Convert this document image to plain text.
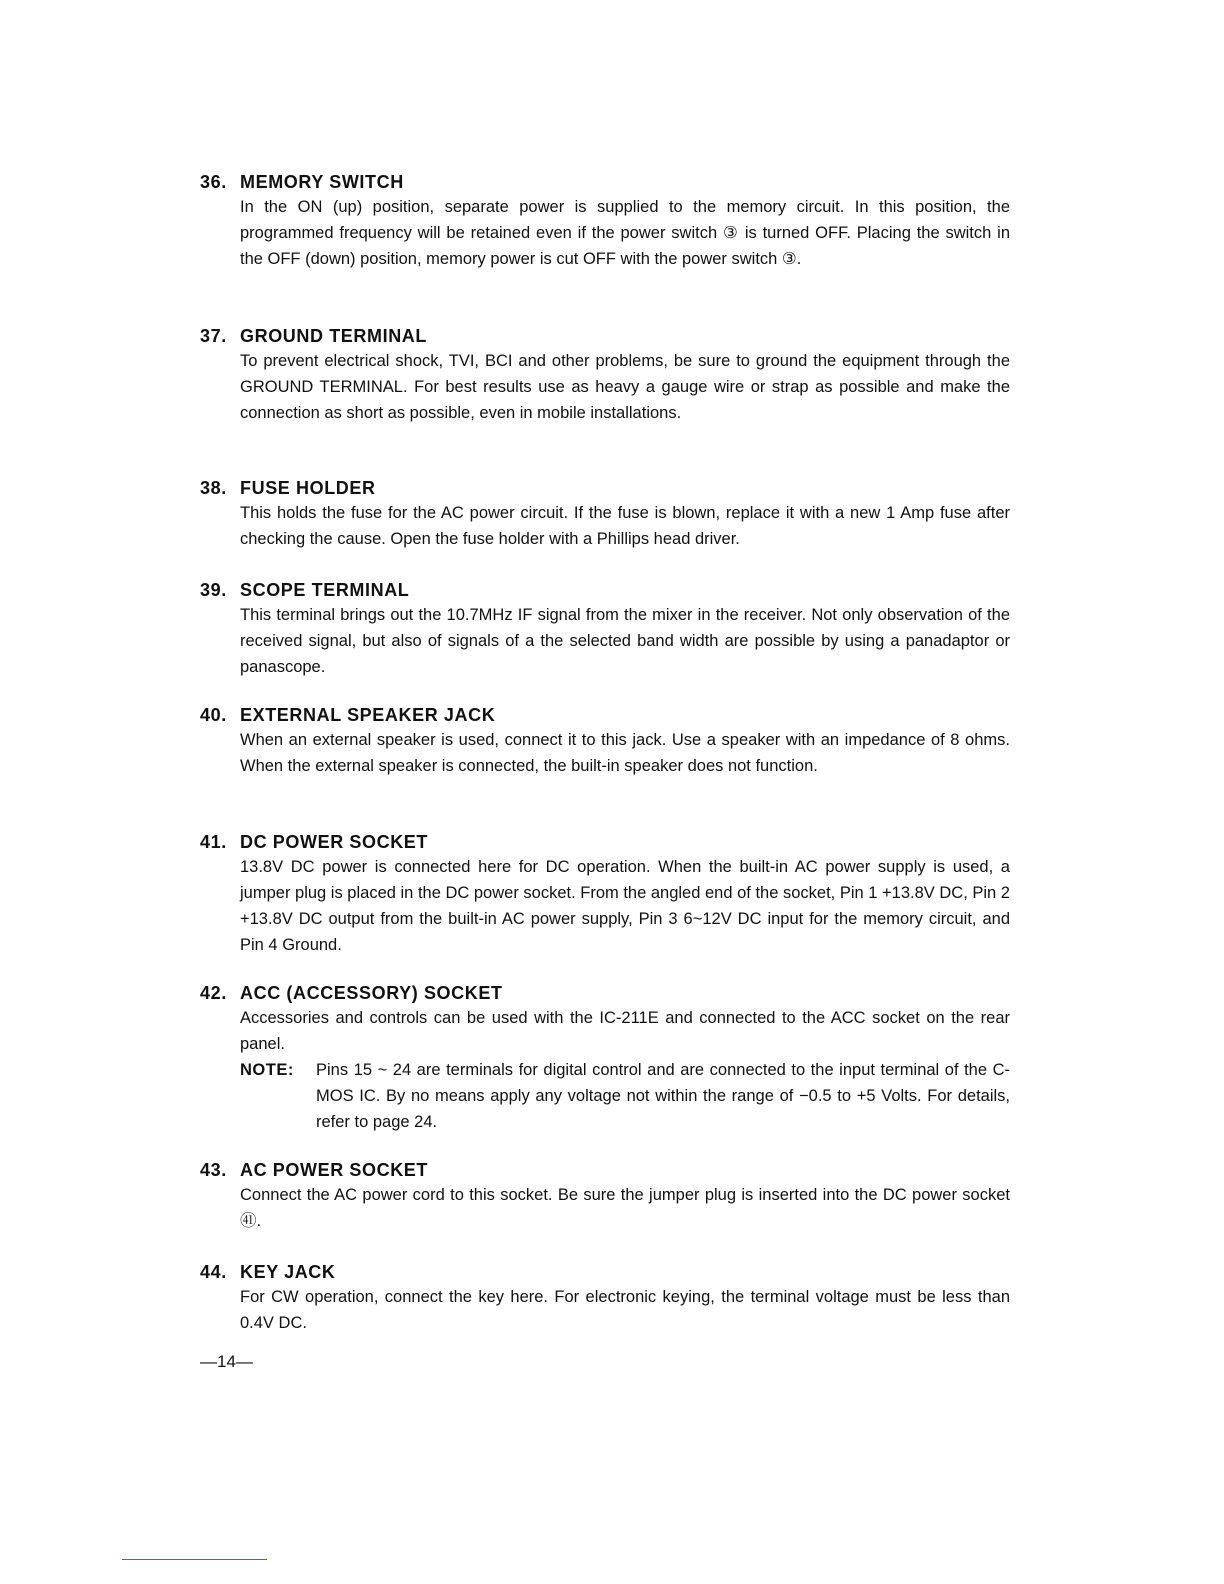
36. MEMORY SWITCH
In the ON (up) position, separate power is supplied to the memory circuit. In this position, the programmed frequency will be retained even if the power switch ③ is turned OFF. Placing the switch in the OFF (down) position, memory power is cut OFF with the power switch ③.
37. GROUND TERMINAL
To prevent electrical shock, TVI, BCI and other problems, be sure to ground the equipment through the GROUND TERMINAL. For best results use as heavy a gauge wire or strap as possible and make the connection as short as possible, even in mobile installations.
38. FUSE HOLDER
This holds the fuse for the AC power circuit. If the fuse is blown, replace it with a new 1 Amp fuse after checking the cause. Open the fuse holder with a Phillips head driver.
39. SCOPE TERMINAL
This terminal brings out the 10.7MHz IF signal from the mixer in the receiver. Not only observation of the received signal, but also of signals of a the selected band width are possible by using a panadaptor or panascope.
40. EXTERNAL SPEAKER JACK
When an external speaker is used, connect it to this jack. Use a speaker with an impedance of 8 ohms. When the external speaker is connected, the built-in speaker does not function.
41. DC POWER SOCKET
13.8V DC power is connected here for DC operation. When the built-in AC power supply is used, a jumper plug is placed in the DC power socket. From the angled end of the socket, Pin 1 +13.8V DC, Pin 2 +13.8V DC output from the built-in AC power supply, Pin 3 6~12V DC input for the memory circuit, and Pin 4 Ground.
42. ACC (ACCESSORY) SOCKET
Accessories and controls can be used with the IC-211E and connected to the ACC socket on the rear panel.
NOTE:	Pins 15 ~ 24 are terminals for digital control and are connected to the input terminal of the C-MOS IC. By no means apply any voltage not within the range of −0.5 to +5 Volts. For details, refer to page 24.
43. AC POWER SOCKET
Connect the AC power cord to this socket. Be sure the jumper plug is inserted into the DC power socket ㊶.
44. KEY JACK
For CW operation, connect the key here. For electronic keying, the terminal voltage must be less than 0.4V DC.
—14—
